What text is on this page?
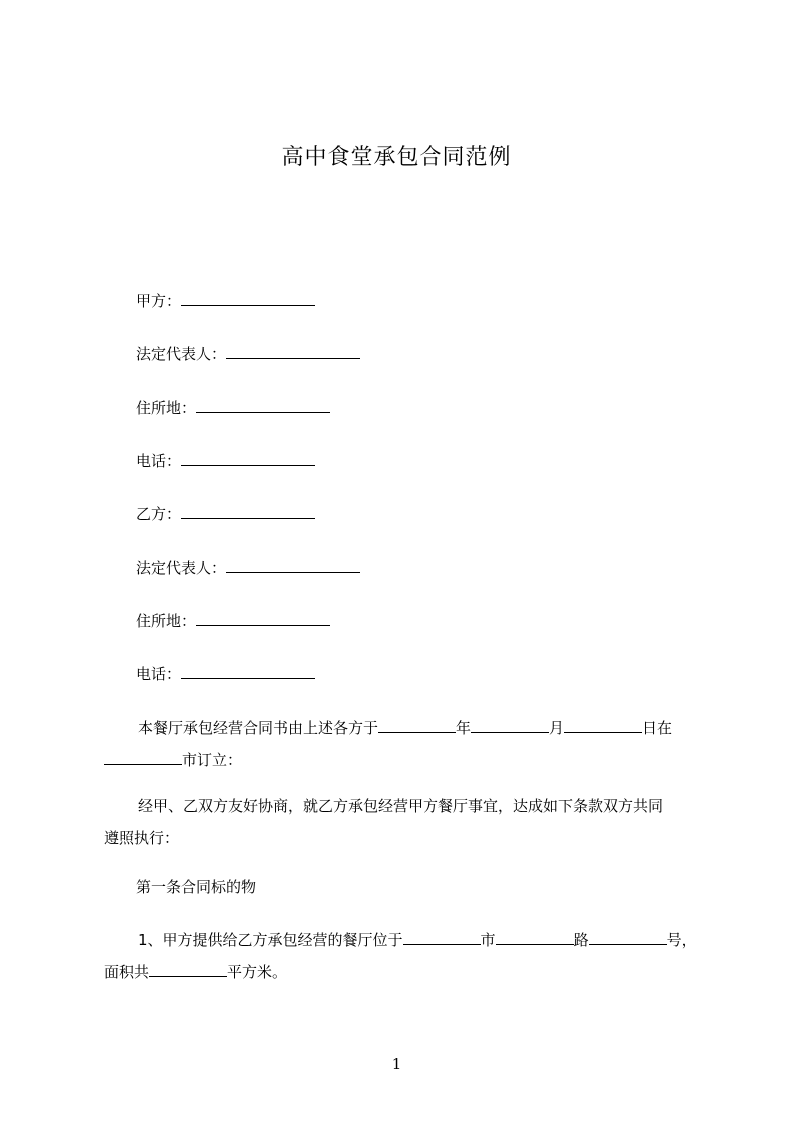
高中食堂承包合同范例
甲方：
法定代表人：
住所地：
电话：
乙方：
法定代表人：
住所地：
电话：
本餐厅承包经营合同书由上述各方于	年	月	日在
市订立：
经甲、乙双方友好协商，就乙方承包经营甲方餐厅事宜，达成如下条款双方共同
遵照执行：
第一条合同标的物
1、甲方提供给乙方承包经营的餐厅位于	市	路	号，
面积共	平方米。
1
